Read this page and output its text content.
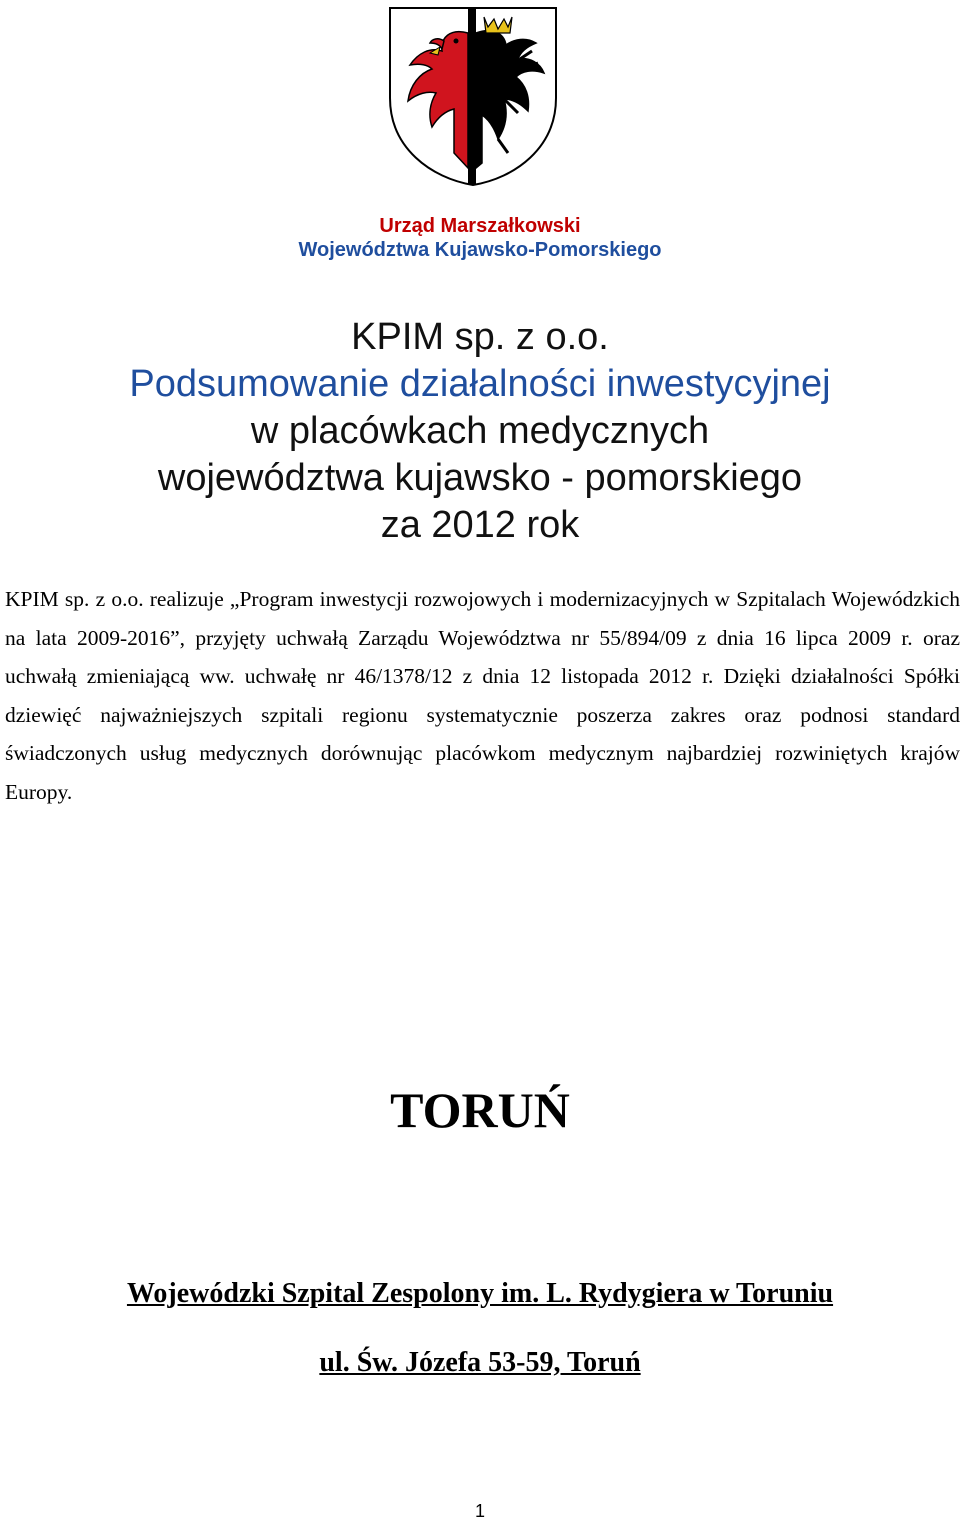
Urząd Marszałkowski
Województwa Kujawsko-Pomorskiego
KPIM sp. z o.o.
Podsumowanie działalności inwestycyjnej
w placówkach medycznych
województwa kujawsko - pomorskiego
za 2012 rok

KPIM sp. z o.o. realizuje „Program inwestycji rozwojowych i modernizacyjnych w Szpitalach Wojewódzkich na lata 2009-2016”, przyjęty uchwałą Zarządu Województwa nr 55/894/09 z dnia 16 lipca 2009 r. oraz uchwałą zmieniającą ww. uchwałę nr 46/1378/12 z dnia 12 listopada 2012 r. Dzięki działalności Spółki dziewięć najważniejszych szpitali regionu systematycznie poszerza zakres oraz podnosi standard świadczonych usług medycznych dorównując placówkom medycznym najbardziej rozwiniętych krajów Europy.

TORUŃ
Wojewódzki Szpital Zespolony im. L. Rydygiera w Toruniu
ul. Św. Józefa 53-59, Toruń
1
